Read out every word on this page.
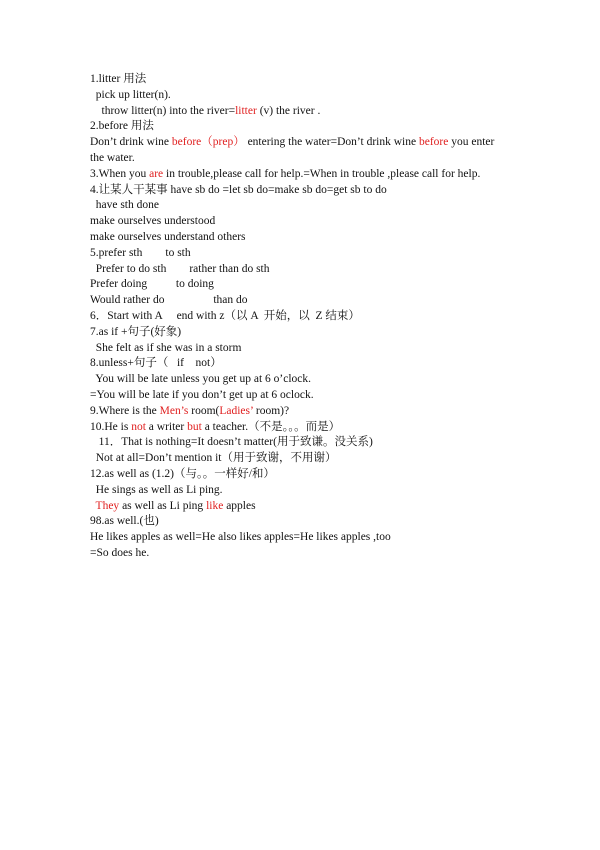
1.litter 用法

pick up litter(n).

throw litter(n) into the river=litter (v) the river .

2.before 用法

Don’t drink wine before（prep） entering the water=Don’t drink wine before you enter

the water.

3.When you are in trouble,please call for help.=When in trouble ,please call for help.

4.让某人干某事 have sb do =let sb do=make sb do=get sb to do

have sth done

make ourselves understood

make ourselves understand others

5.prefer sth        to sth

Prefer to do sth        rather than do sth

Prefer doing          to doing

Would rather do                 than do

6．Start with A     end with z（以 A  开始，以  Z 结束）

7.as if +句子(好象)

She felt as if she was in a storm

8.unless+句子（   if    not）

You will be late unless you get up at 6 o’clock.

=You will be late if you don’t get up at 6 oclock.

9.Where is the Men’s room(Ladies’ room)?

10.He is not a writer but a teacher.（不是。。。而是）

11．That is nothing=It doesn’t matter(用于致谦。没关系)

Not at all=Don’t mention it（用于致谢，不用谢）

12.as well as (1.2)（与。。一样好/和）

He sings as well as Li ping.

They as well as Li ping like apples

98.as well.(也)

He likes apples as well=He also likes apples=He likes apples ,too

=So does he.
